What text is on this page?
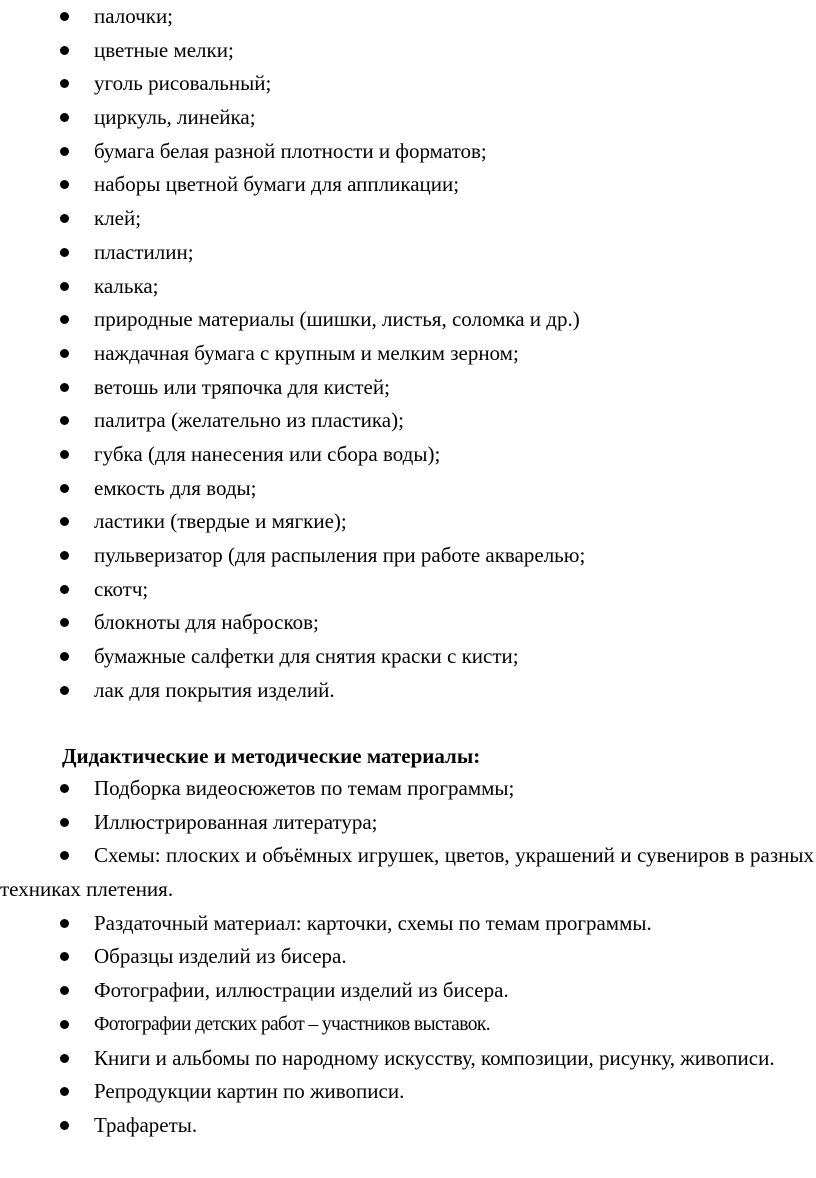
палочки;
цветные мелки;
уголь рисовальный;
циркуль, линейка;
бумага белая разной плотности и форматов;
наборы цветной бумаги для аппликации;
клей;
пластилин;
калька;
природные материалы (шишки, листья, соломка и др.)
наждачная бумага с крупным и мелким зерном;
ветошь или тряпочка для кистей;
палитра (желательно из пластика);
губка (для нанесения или сбора воды);
емкость для воды;
ластики (твердые и мягкие);
пульверизатор (для распыления при работе акварелью;
скотч;
блокноты для набросков;
бумажные салфетки для снятия краски с кисти;
лак для покрытия изделий.
Дидактические и методические материалы:
Подборка видеосюжетов по темам программы;
Иллюстрированная литература;
Схемы: плоских и объёмных игрушек, цветов, украшений и сувениров в разных техниках плетения.
Раздаточный материал: карточки, схемы по темам программы.
Образцы изделий из бисера.
Фотографии, иллюстрации изделий из бисера.
Фотографии детских работ – участников выставок.
Книги и альбомы по народному искусству, композиции, рисунку, живописи.
Репродукции картин по живописи.
Трафареты.
